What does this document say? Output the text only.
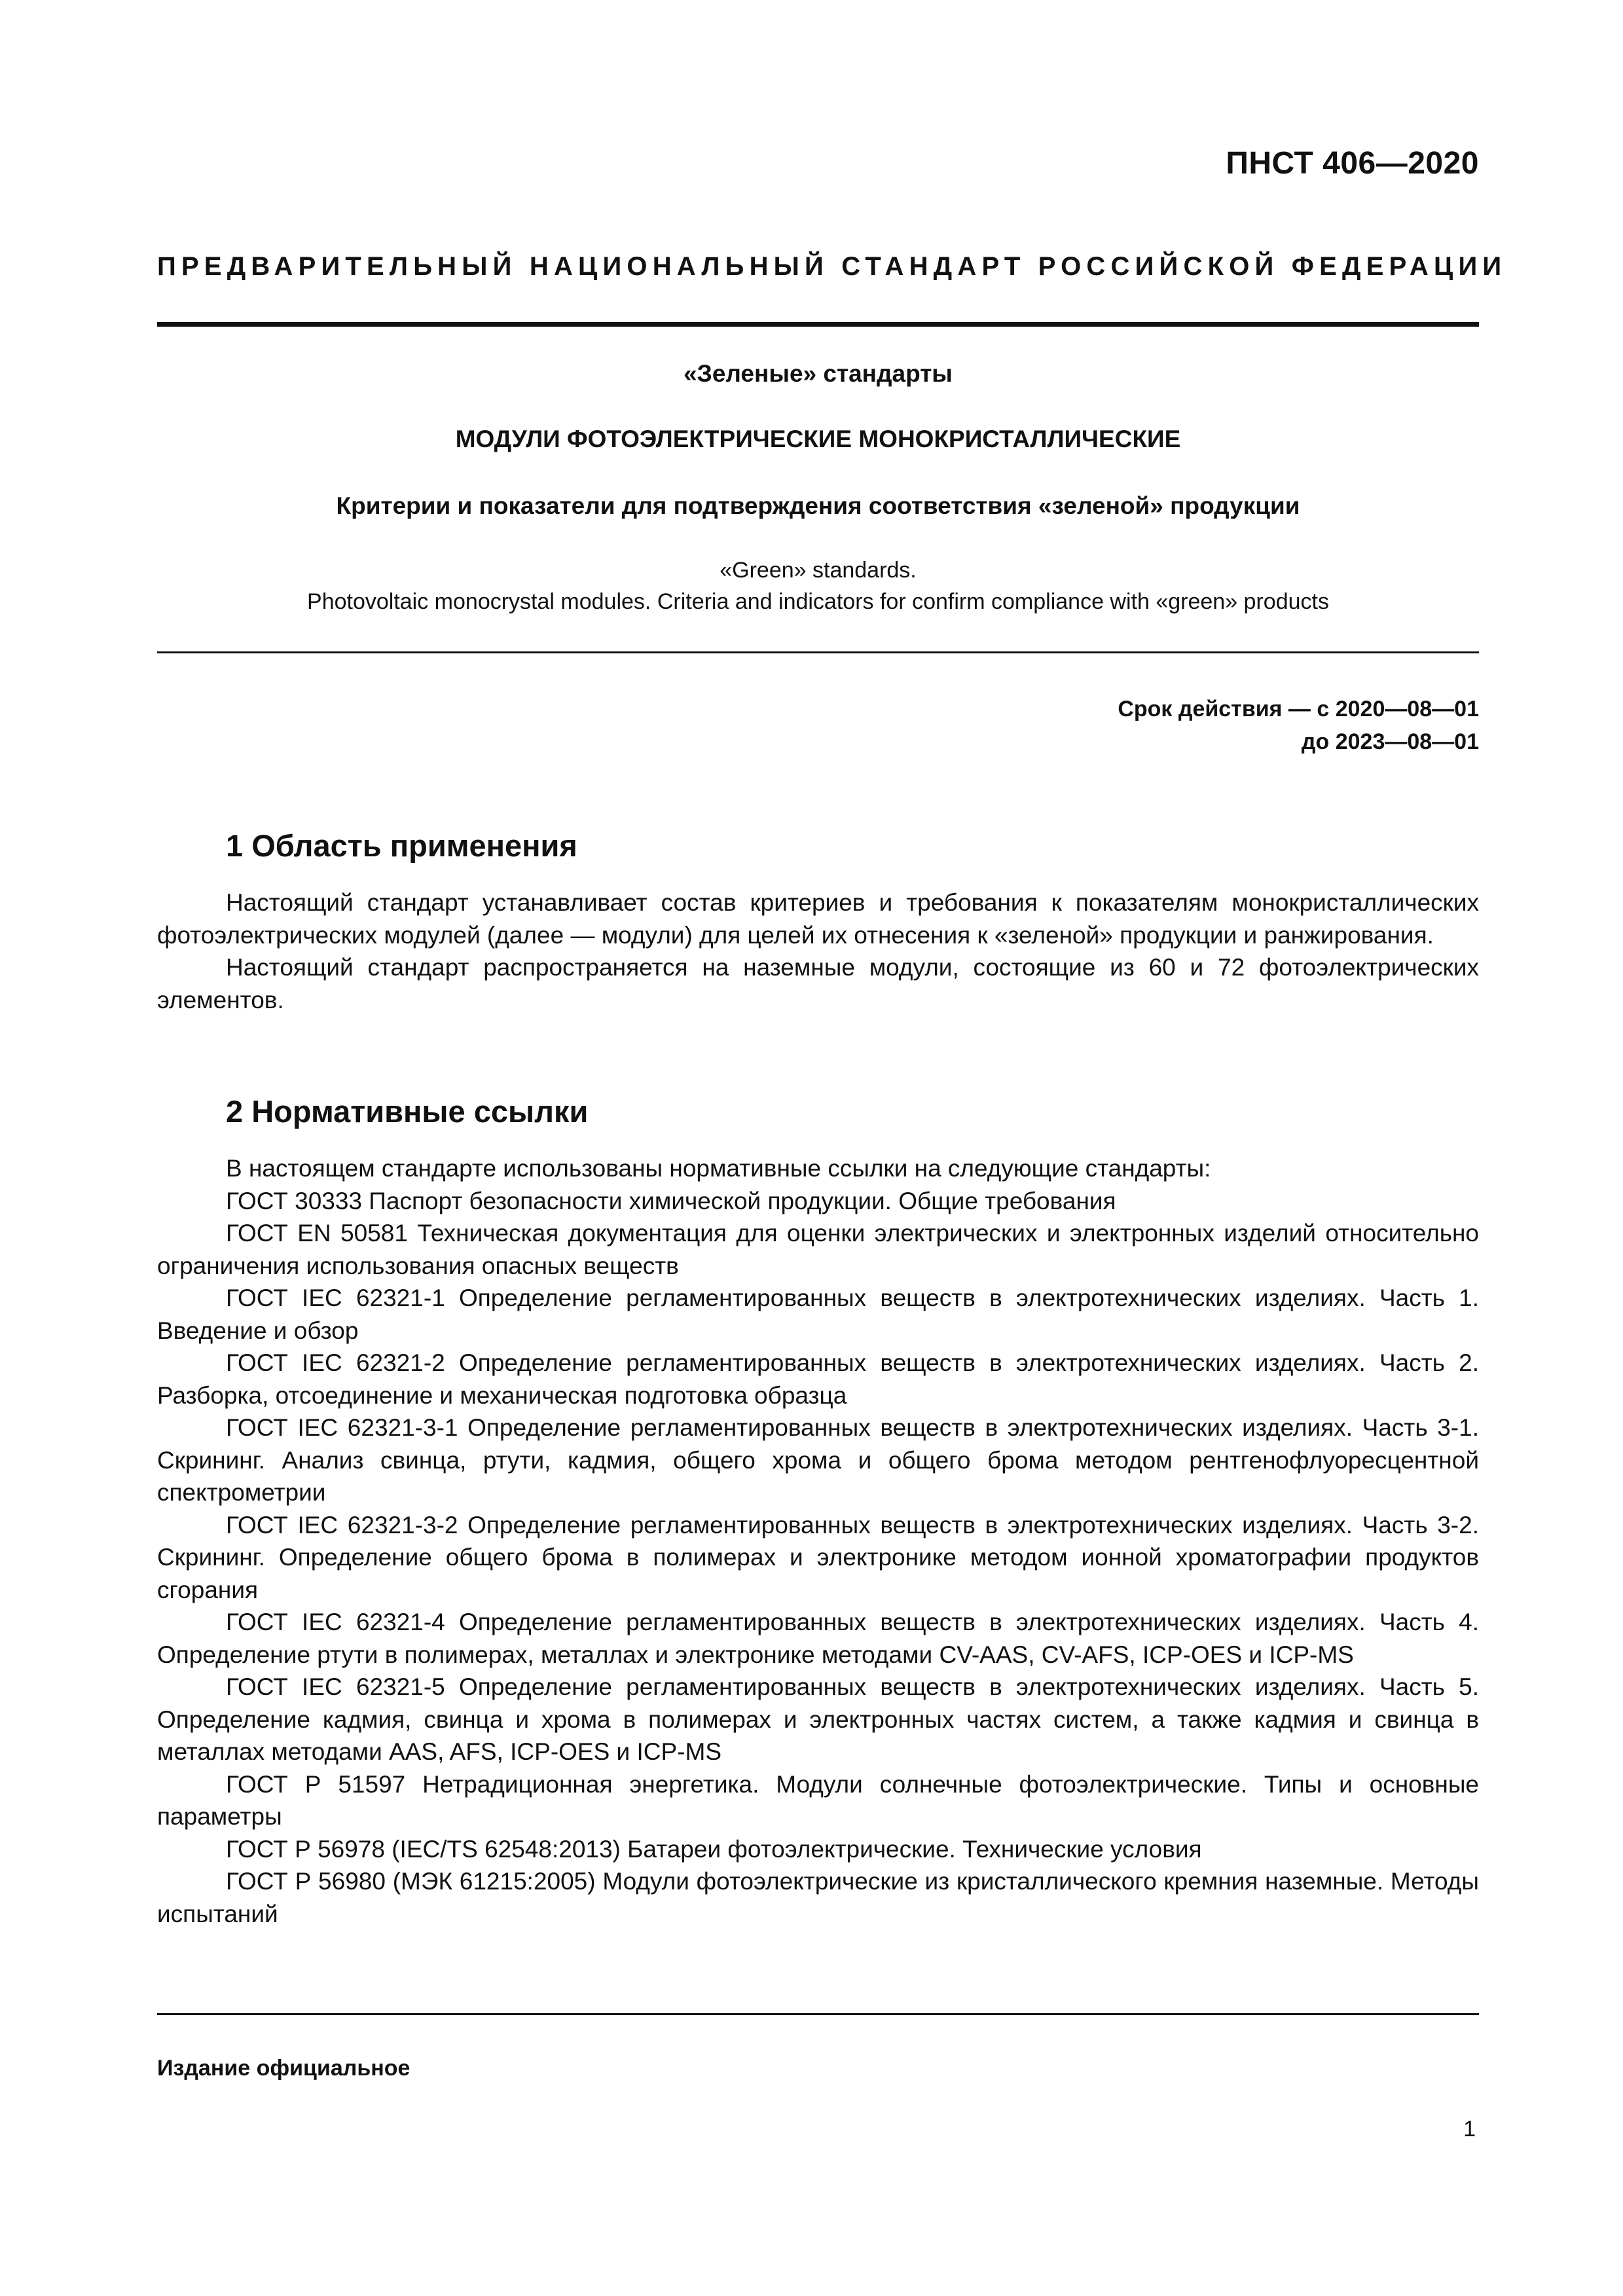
ПНСТ 406—2020
ПРЕДВАРИТЕЛЬНЫЙ НАЦИОНАЛЬНЫЙ СТАНДАРТ РОССИЙСКОЙ ФЕДЕРАЦИИ
«Зеленые» стандарты
МОДУЛИ ФОТОЭЛЕКТРИЧЕСКИЕ МОНОКРИСТАЛЛИЧЕСКИЕ
Критерии и показатели для подтверждения соответствия «зеленой» продукции
«Green» standards.
Photovoltaic monocrystal modules. Criteria and indicators for confirm compliance with «green» products
Срок действия — с 2020—08—01
до 2023—08—01
1 Область применения

Настоящий стандарт устанавливает состав критериев и требования к показателям монокристаллических фотоэлектрических модулей (далее — модули) для целей их отнесения к «зеленой» продукции и ранжирования.

Настоящий стандарт распространяется на наземные модули, состоящие из 60 и 72 фотоэлектрических элементов.

2 Нормативные ссылки

В настоящем стандарте использованы нормативные ссылки на следующие стандарты:

ГОСТ 30333 Паспорт безопасности химической продукции. Общие требования

ГОСТ EN 50581 Техническая документация для оценки электрических и электронных изделий относительно ограничения использования опасных веществ

ГОСТ IEC 62321-1 Определение регламентированных веществ в электротехнических изделиях. Часть 1. Введение и обзор

ГОСТ IEC 62321-2 Определение регламентированных веществ в электротехнических изделиях. Часть 2. Разборка, отсоединение и механическая подготовка образца

ГОСТ IEC 62321-3-1 Определение регламентированных веществ в электротехнических изделиях. Часть 3-1. Скрининг. Анализ свинца, ртути, кадмия, общего хрома и общего брома методом рентгенофлуоресцентной спектрометрии

ГОСТ IEC 62321-3-2 Определение регламентированных веществ в электротехнических изделиях. Часть 3-2. Скрининг. Определение общего брома в полимерах и электронике методом ионной хроматографии продуктов сгорания

ГОСТ IEC 62321-4 Определение регламентированных веществ в электротехнических изделиях. Часть 4. Определение ртути в полимерах, металлах и электронике методами CV-AAS, CV-AFS, ICP-OES и ICP-MS

ГОСТ IEC 62321-5 Определение регламентированных веществ в электротехнических изделиях. Часть 5. Определение кадмия, свинца и хрома в полимерах и электронных частях систем, а также кадмия и свинца в металлах методами AAS, AFS, ICP-OES и ICP-MS

ГОСТ Р 51597 Нетрадиционная энергетика. Модули солнечные фотоэлектрические. Типы и основные параметры

ГОСТ Р 56978 (IEC/TS 62548:2013) Батареи фотоэлектрические. Технические условия

ГОСТ Р 56980 (МЭК 61215:2005) Модули фотоэлектрические из кристаллического кремния наземные. Методы испытаний

Издание официальное
1
